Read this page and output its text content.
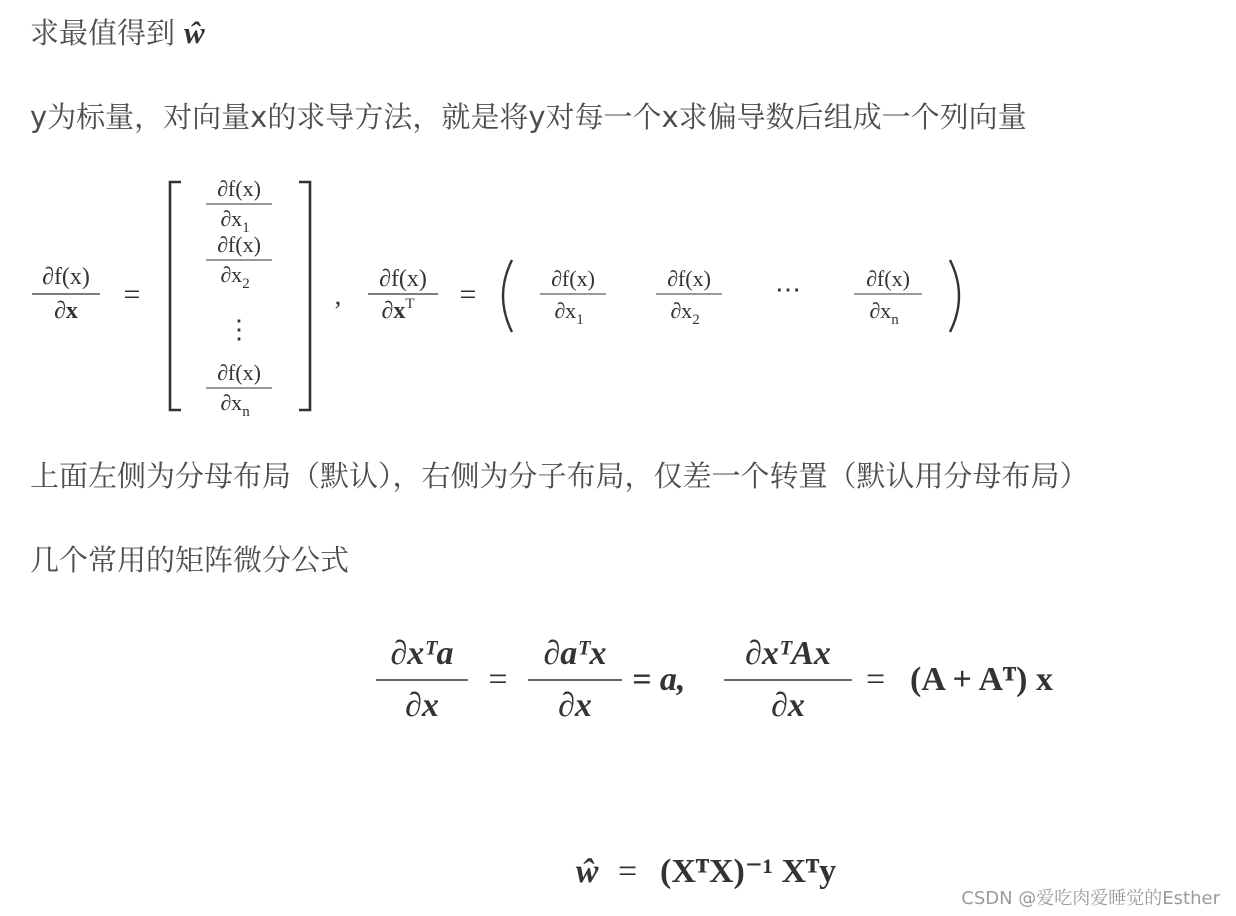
求最值得到 ŵ
y为标量，对向量x的求导方法，就是将y对每一个x求偏导数后组成一个列向量
∂f(x)
∂x =
∂f(x)
$\partial x_1$
∂f(x)
$\partial x_2$
⋮
∂f(x)
$\partial x_n$
,
∂f(x)
$\partial x^T$ =	∂f(x)
$\partial x_1$
∂f(x)
$\partial x_2$
⋯	∂f(x)
$\partial x_n$
上面左侧为分母布局（默认），右侧为分子布局，仅差一个转置（默认用分母布局）
几个常用的矩阵微分公式
∂xᵀa
∂x
=
∂aᵀx
∂x
= a,
∂xᵀAx
∂x
= (A + Aᵀ) x
ŵ = (XᵀX)⁻¹ Xᵀy
CSDN @爱吃肉爱睡觉的Esther
